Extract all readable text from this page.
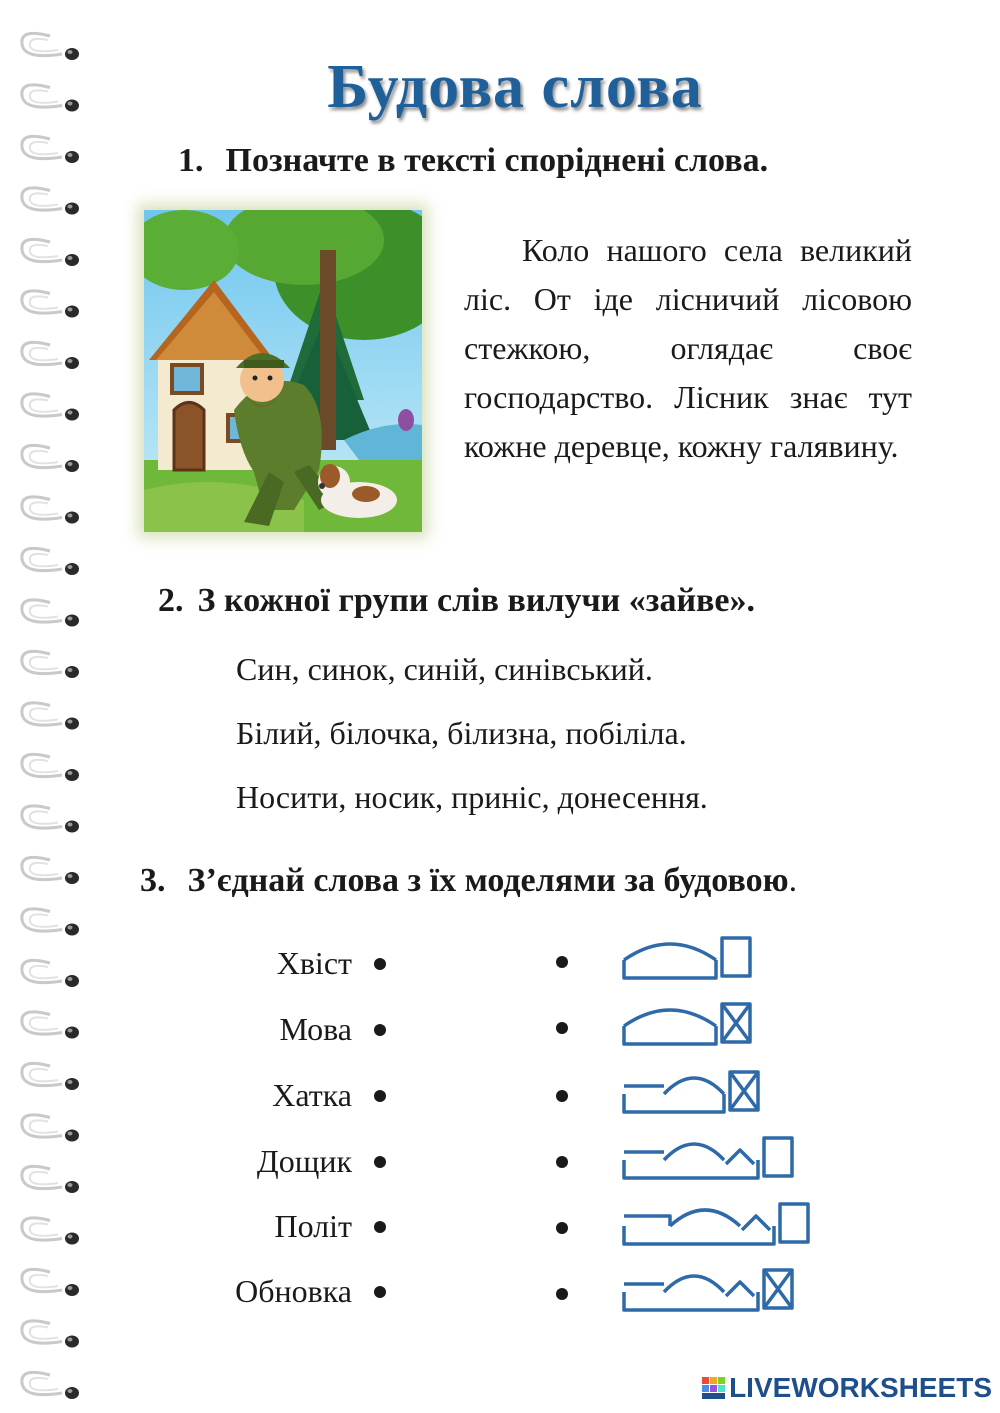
Будова слова
1. Позначте в тексті споріднені слова.

Коло нашого села великий ліс. От іде лісничий лісовою стежкою, оглядає своє господарство. Лісник знає тут кожне деревце, кожну галявину.

2. З кожної групи слів вилучи «зайве».
Син, синок, синій, синівський.
Білий, білочка, білизна, побіліла.
Носити, носик, приніс, донесення.
3. З’єднай слова з їх моделями за будовою.
Хвіст
Мова
Хатка
Дощик
Політ
Обновка
LIVEWORKSHEETS
